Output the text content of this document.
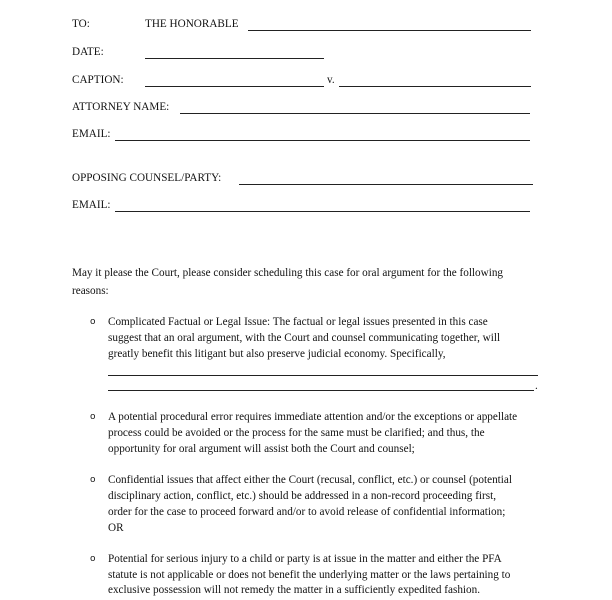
TO:	THE HONORABLE
DATE:
CAPTION:	v.
ATTORNEY NAME:
EMAIL:
OPPOSING COUNSEL/PARTY:
EMAIL:
May it please the Court, please consider scheduling this case for oral argument for the following
reasons:
o Complicated Factual or Legal Issue: The factual or legal issues presented in this case
suggest that an oral argument, with the Court and counsel communicating together, will
greatly benefit this litigant but also preserve judicial economy. Specifically,
.
o A potential procedural error requires immediate attention and/or the exceptions or appellate
process could be avoided or the process for the same must be clarified; and thus, the
opportunity for oral argument will assist both the Court and counsel;
o Confidential issues that affect either the Court (recusal, conflict, etc.) or counsel (potential
disciplinary action, conflict, etc.) should be addressed in a non-record proceeding first,
order for the case to proceed forward and/or to avoid release of confidential information;
OR
o Potential for serious injury to a child or party is at issue in the matter and either the PFA
statute is not applicable or does not benefit the underlying matter or the laws pertaining to
exclusive possession will not remedy the matter in a sufficiently expedited fashion.
